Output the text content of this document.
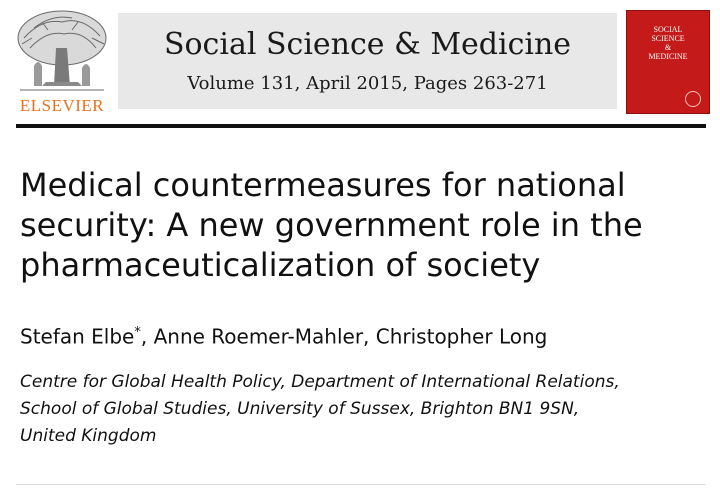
ELSEVIER
Social Science & Medicine
Volume 131, April 2015, Pages 263-271
SOCIAL
SCIENCE
&
MEDICINE
Medical countermeasures for national security: A new government role in the pharmaceuticalization of society
Stefan Elbe*, Anne Roemer-Mahler, Christopher Long
Centre for Global Health Policy, Department of International Relations,
School of Global Studies, University of Sussex, Brighton BN1 9SN,
United Kingdom
